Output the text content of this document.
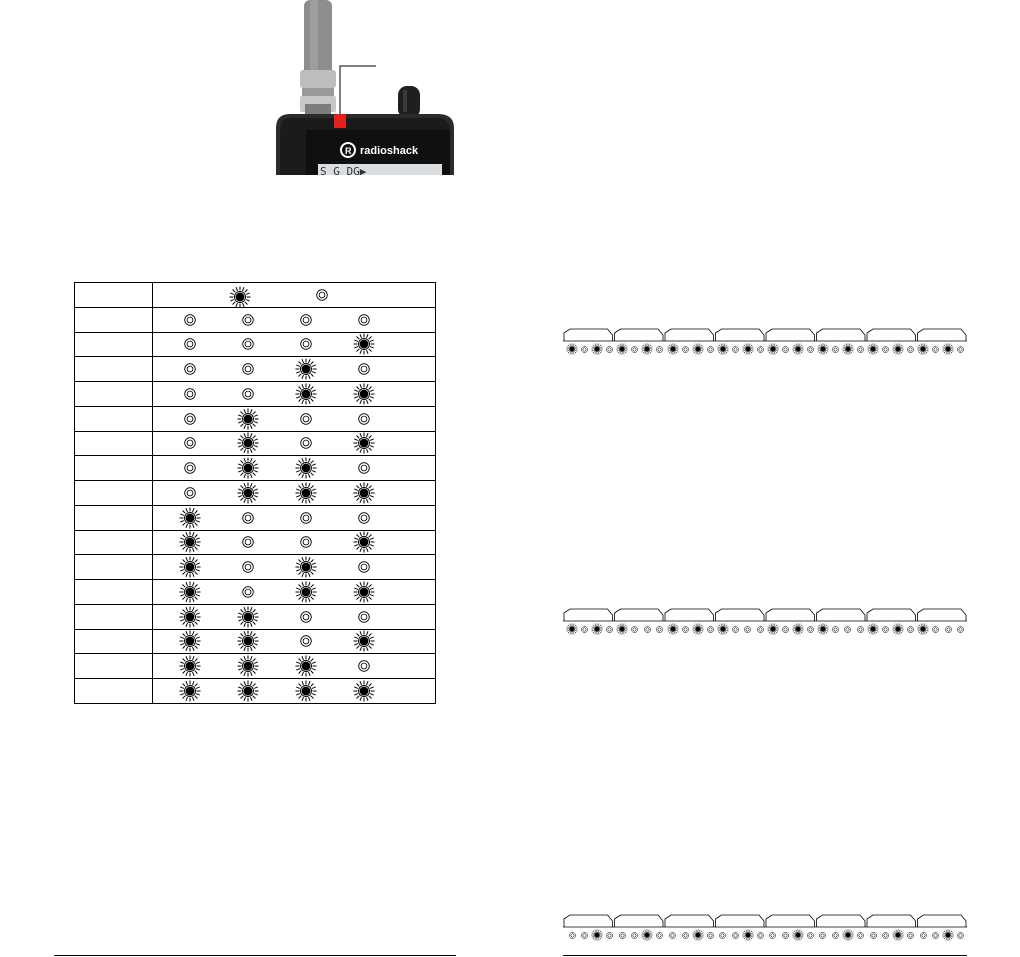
R radioshack
S G DG▶
